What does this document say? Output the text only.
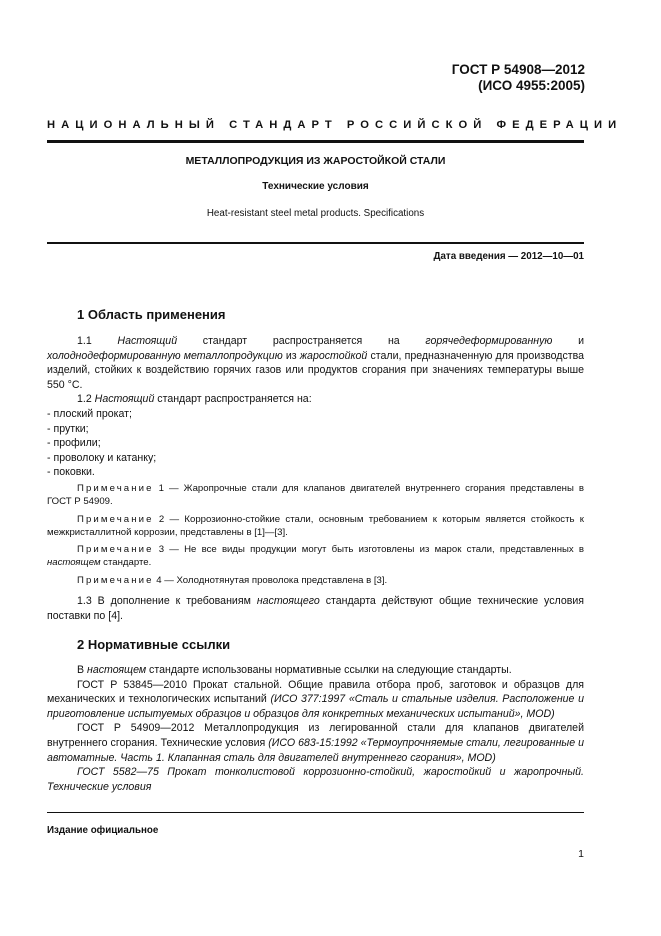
ГОСТ Р 54908—2012
(ИСО 4955:2005)
НАЦИОНАЛЬНЫЙ СТАНДАРТ РОССИЙСКОЙ ФЕДЕРАЦИИ
МЕТАЛЛОПРОДУКЦИЯ ИЗ ЖАРОСТОЙКОЙ СТАЛИ
Технические условия
Heat-resistant steel metal products. Specifications
Дата введения — 2012—10—01
1 Область применения

1.1 Настоящий стандарт распространяется на горячедеформированную и холоднодеформированную металлопродукцию из жаростойкой стали, предназначенную для производства изделий, стойких к воздействию горячих газов или продуктов сгорания при значениях температуры выше 550 °С.

1.2 Настоящий стандарт распространяется на:

- плоский прокат;

- прутки;

- профили;

- проволоку и катанку;

- поковки.

Примечание 1 — Жаропрочные стали для клапанов двигателей внутреннего сгорания представлены в ГОСТ Р 54909.

Примечание 2 — Коррозионно-стойкие стали, основным требованием к которым является стойкость к межкристаллитной коррозии, представлены в [1]—[3].

Примечание 3 — Не все виды продукции могут быть изготовлены из марок стали, представленных в настоящем стандарте.

Примечание 4 — Холоднотянутая проволока представлена в [3].

1.3 В дополнение к требованиям настоящего стандарта действуют общие технические условия поставки по [4].

2 Нормативные ссылки

В настоящем стандарте использованы нормативные ссылки на следующие стандарты.

ГОСТ Р 53845—2010 Прокат стальной. Общие правила отбора проб, заготовок и образцов для механических и технологических испытаний (ИСО 377:1997 «Сталь и стальные изделия. Расположение и приготовление испытуемых образцов и образцов для конкретных механических испытаний», MOD)

ГОСТ Р 54909—2012 Металлопродукция из легированной стали для клапанов двигателей внутреннего сгорания. Технические условия (ИСО 683-15:1992 «Термоупрочняемые стали, легированные и автоматные. Часть 1. Клапанная сталь для двигателей внутреннего сгорания», MOD)

ГОСТ 5582—75 Прокат тонколистовой коррозионно-стойкий, жаростойкий и жаропрочный. Технические условия

Издание официальное
1
